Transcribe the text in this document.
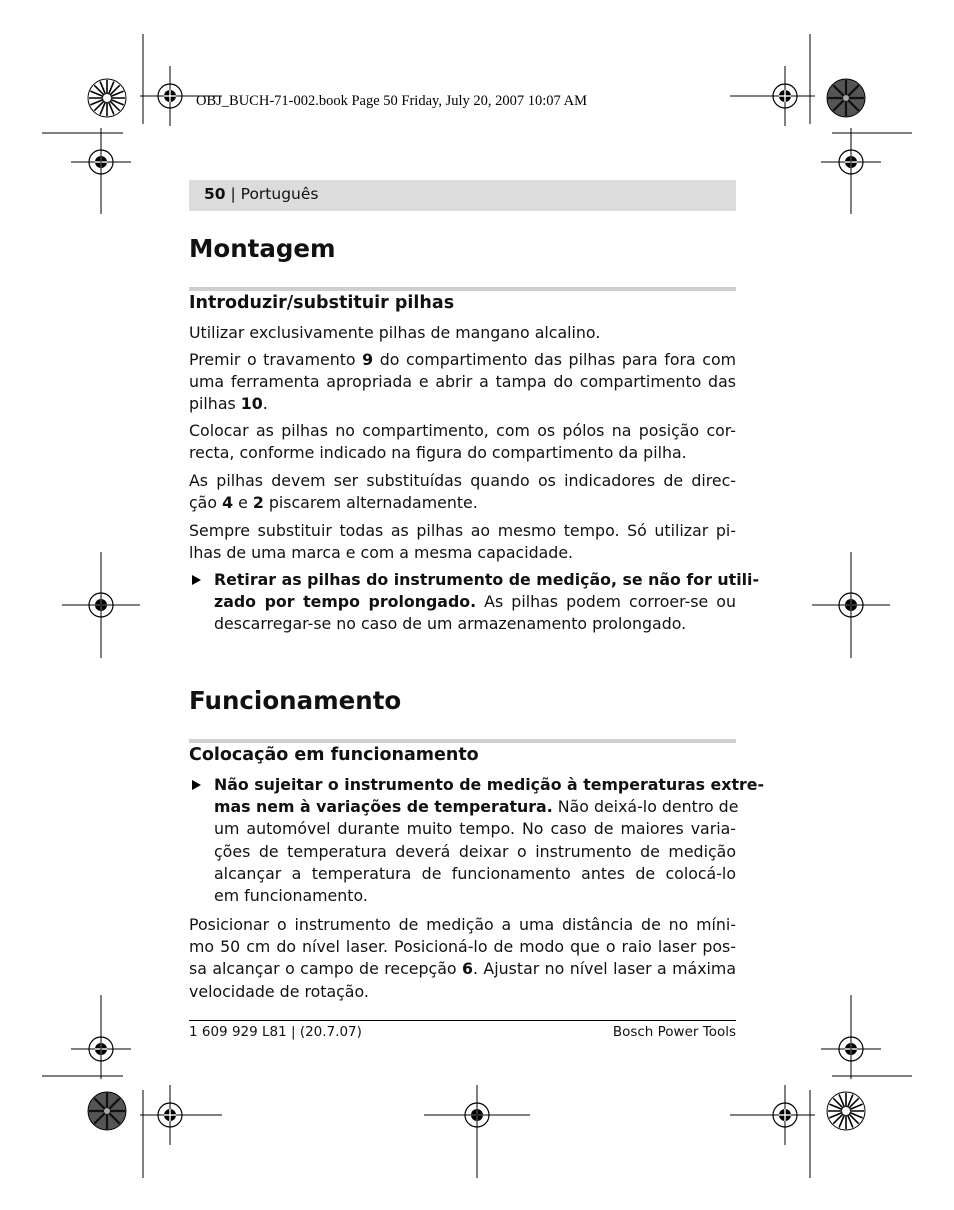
OBJ_BUCH-71-002.book Page 50 Friday, July 20, 2007 10:07 AM
50 | Português
Montagem
Introduzir/substituir pilhas
Utilizar exclusivamente pilhas de mangano alcalino.
Premir o travamento 9 do compartimento das pilhas para fora com
uma ferramenta apropriada e abrir a tampa do compartimento das
pilhas 10.
Colocar as pilhas no compartimento, com os pólos na posição cor-
recta, conforme indicado na figura do compartimento da pilha.
As pilhas devem ser substituídas quando os indicadores de direc-
ção 4 e 2 piscarem alternadamente.
Sempre substituir todas as pilhas ao mesmo tempo. Só utilizar pi-
lhas de uma marca e com a mesma capacidade.
Retirar as pilhas do instrumento de medição, se não for utili-
zado por tempo prolongado. As pilhas podem corroer-se ou
descarregar-se no caso de um armazenamento prolongado.
Funcionamento
Colocação em funcionamento
Não sujeitar o instrumento de medição à temperaturas extre-
mas nem à variações de temperatura. Não deixá-lo dentro de
um automóvel durante muito tempo. No caso de maiores varia-
ções de temperatura deverá deixar o instrumento de medição
alcançar a temperatura de funcionamento antes de colocá-lo
em funcionamento.
Posicionar o instrumento de medição a uma distância de no míni-
mo 50 cm do nível laser. Posicioná-lo de modo que o raio laser pos-
sa alcançar o campo de recepção 6. Ajustar no nível laser a máxima
velocidade de rotação.
1 609 929 L81 | (20.7.07)	Bosch Power Tools
